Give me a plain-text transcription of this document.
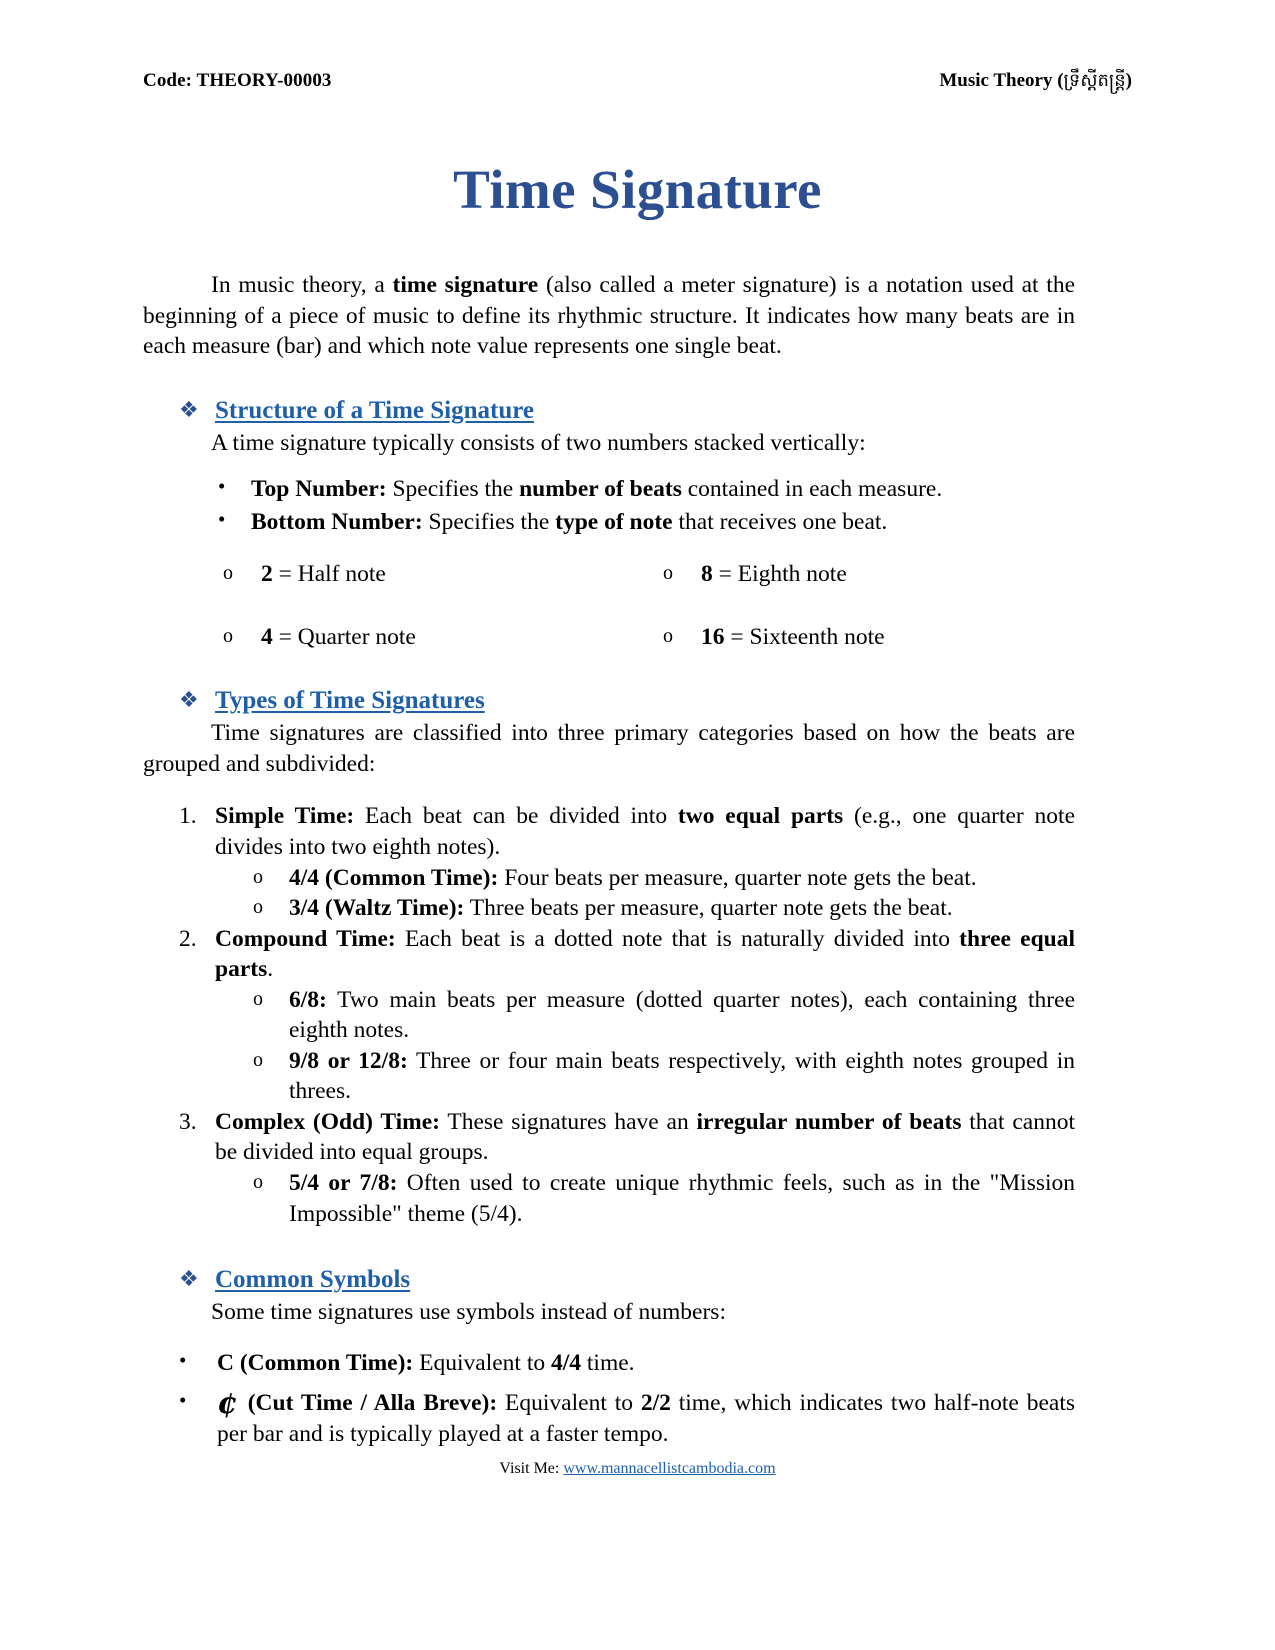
Code: THEORY-00003	Music Theory (ទ្រឹស្ដីតន្ត្រី)
Time Signature

In music theory, a time signature (also called a meter signature) is a notation used at the beginning of a piece of music to define its rhythmic structure. It indicates how many beats are in each measure (bar) and which note value represents one single beat.

❖ Structure of a Time Signature
A time signature typically consists of two numbers stacked vertically:
• Top Number: Specifies the number of beats contained in each measure.
• Bottom Number: Specifies the type of note that receives one beat.
o 2 = Half note	o 8 = Eighth note
o 4 = Quarter note	o 16 = Sixteenth note
❖ Types of Time Signatures
Time signatures are classified into three primary categories based on how the beats are grouped and subdivided:
1. Simple Time: Each beat can be divided into two equal parts (e.g., one quarter note divides into two eighth notes).
o 4/4 (Common Time): Four beats per measure, quarter note gets the beat.
o 3/4 (Waltz Time): Three beats per measure, quarter note gets the beat.
2. Compound Time: Each beat is a dotted note that is naturally divided into three equal parts.
o 6/8: Two main beats per measure (dotted quarter notes), each containing three eighth notes.
o 9/8 or 12/8: Three or four main beats respectively, with eighth notes grouped in threes.
3. Complex (Odd) Time: These signatures have an irregular number of beats that cannot be divided into equal groups.
o 5/4 or 7/8: Often used to create unique rhythmic feels, such as in the "Mission Impossible" theme (5/4).
❖ Common Symbols
Some time signatures use symbols instead of numbers:
• C (Common Time): Equivalent to 4/4 time.
• ¢ (Cut Time / Alla Breve): Equivalent to 2/2 time, which indicates two half-note beats per bar and is typically played at a faster tempo.
Visit Me: www.mannacellistcambodia.com
